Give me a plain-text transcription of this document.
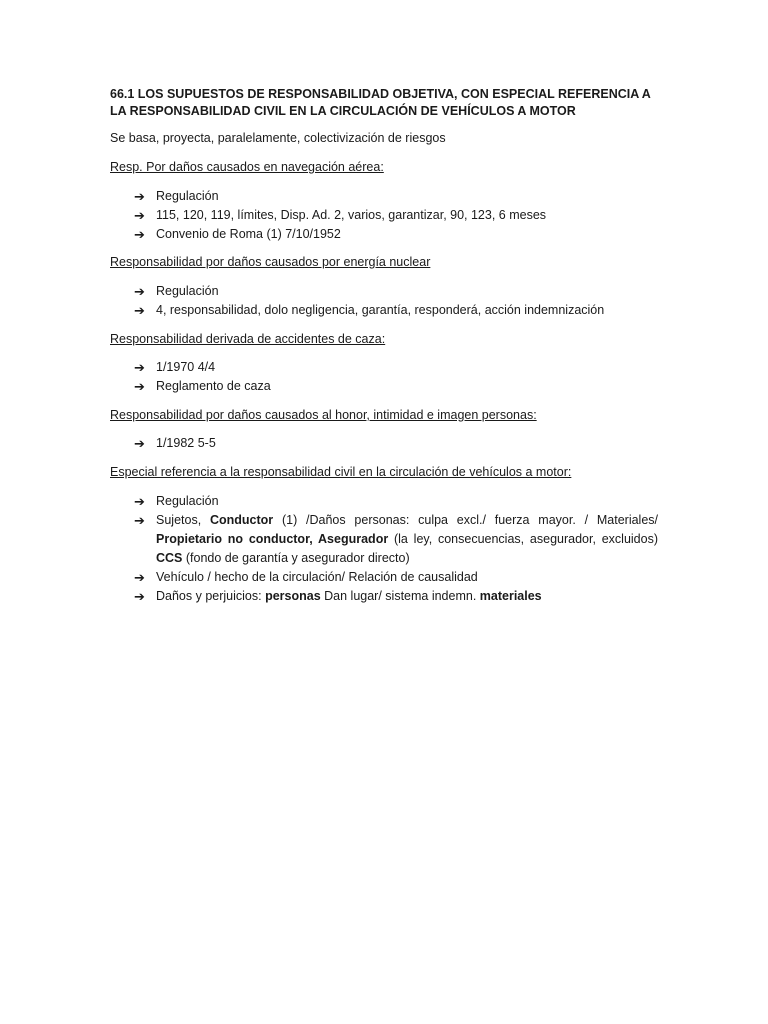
66.1 LOS SUPUESTOS DE RESPONSABILIDAD OBJETIVA, CON ESPECIAL REFERENCIA A LA RESPONSABILIDAD CIVIL EN LA CIRCULACIÓN DE VEHÍCULOS A MOTOR

Se basa, proyecta, paralelamente, colectivización de riesgos

Resp. Por daños causados en navegación aérea:

➔ Regulación
➔ 115, 120, 119, límites, Disp. Ad. 2, varios, garantizar, 90, 123, 6 meses
➔ Convenio de Roma (1) 7/10/1952

Responsabilidad por daños causados por energía nuclear

➔ Regulación
➔ 4, responsabilidad, dolo negligencia, garantía, responderá, acción indemnización

Responsabilidad derivada de accidentes de caza:

➔ 1/1970 4/4
➔ Reglamento de caza

Responsabilidad por daños causados al honor, intimidad e imagen personas:

➔ 1/1982 5-5

Especial referencia a la responsabilidad civil en la circulación de vehículos a motor:

➔ Regulación
➔ Sujetos, Conductor (1) /Daños personas: culpa excl./ fuerza mayor. / Materiales/ Propietario no conductor, Asegurador (la ley, consecuencias, asegurador, excluidos) CCS (fondo de garantía y asegurador directo)
➔ Vehículo / hecho de la circulación/ Relación de causalidad
➔ Daños y perjuicios: personas Dan lugar/ sistema indemn. materiales
